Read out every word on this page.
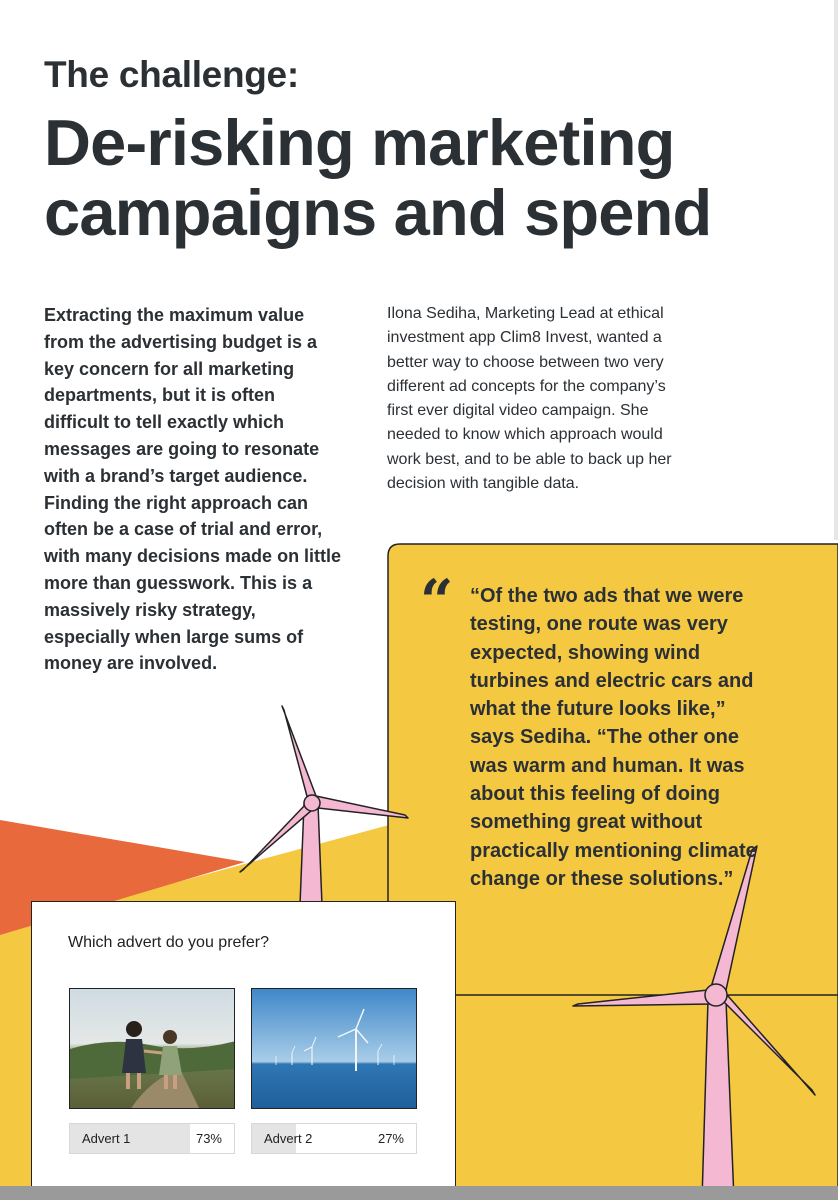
The challenge:
De-risking marketing campaigns and spend

Extracting the maximum value from the advertising budget is a key concern for all marketing departments, but it is often difficult to tell exactly which messages are going to resonate with a brand’s target audience. Finding the right approach can often be a case of trial and error, with many decisions made on little more than guesswork. This is a massively risky strategy, especially when large sums of money are involved.

Ilona Sediha, Marketing Lead at ethical investment app Clim8 Invest, wanted a better way to choose between two very different ad concepts for the company’s first ever digital video campaign. She needed to know which approach would work best, and to be able to back up her decision with tangible data.

“ “Of the two ads that we were testing, one route was very expected, showing wind turbines and electric cars and what the future looks like,” says Sediha. “The other one was warm and human. It was about this feeling of doing something great without practically mentioning climate change or these solutions.”

Which advert do you prefer?

Advert 1	73%	Advert 2	27%
